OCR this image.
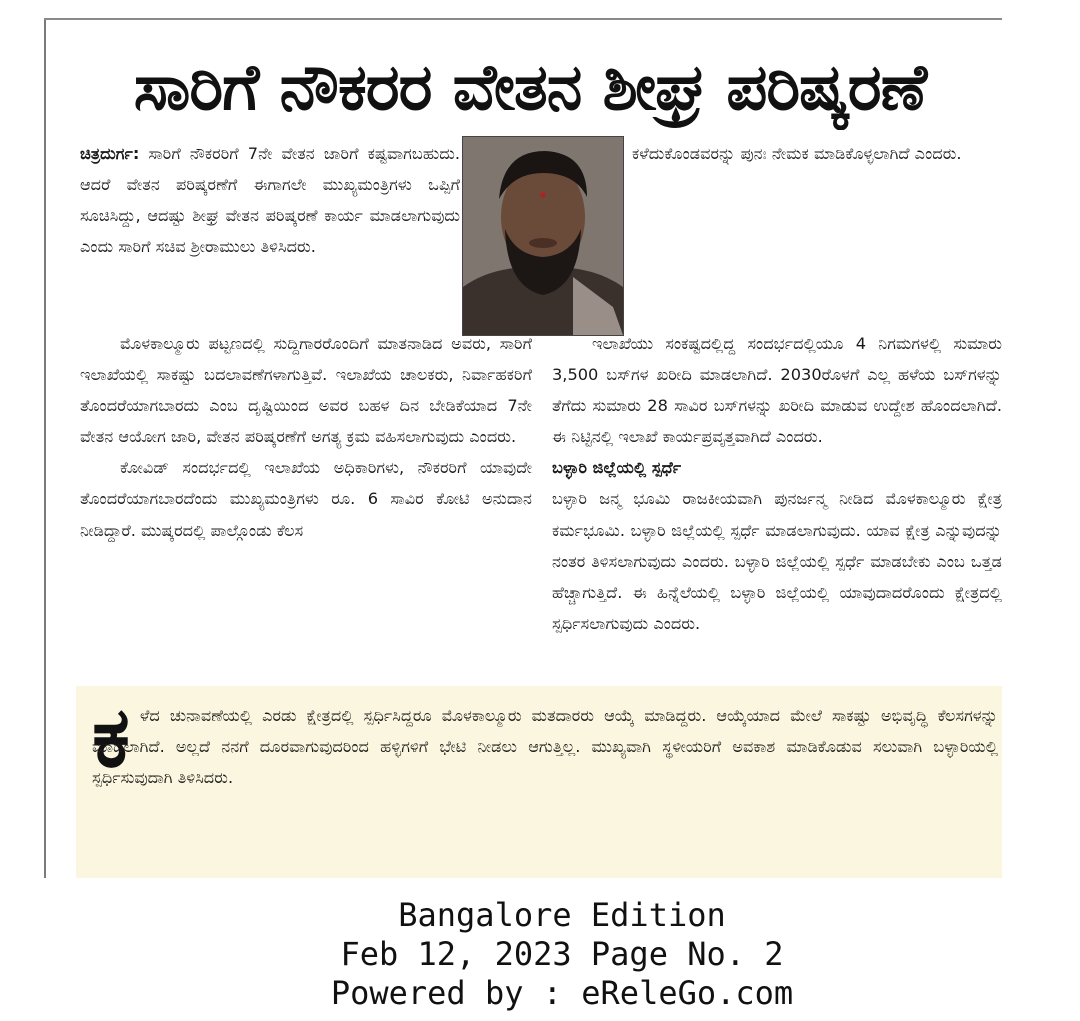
ಸಾರಿಗೆ ನೌಕರರ ವೇತನ ಶೀಘ್ರ ಪರಿಷ್ಕರಣೆ

ಚಿತ್ರದುರ್ಗ: ಸಾರಿಗೆ ನೌಕರರಿಗೆ 7ನೇ ವೇತನ ಜಾರಿಗೆ ಕಷ್ಟವಾಗಬಹುದು. ಆದರೆ ವೇತನ ಪರಿಷ್ಕರಣೆಗೆ ಈಗಾಗಲೇ ಮುಖ್ಯಮಂತ್ರಿಗಳು ಒಪ್ಪಿಗೆ ಸೂಚಿಸಿದ್ದು, ಆದಷ್ಟು ಶೀಘ್ರ ವೇತನ ಪರಿಷ್ಕರಣೆ ಕಾರ್ಯ ಮಾಡಲಾಗುವುದು ಎಂದು ಸಾರಿಗೆ ಸಚಿವ ಶ್ರೀರಾಮುಲು ತಿಳಿಸಿದರು.

ಮೊಳಕಾಲ್ಮೂರು ಪಟ್ಟಣದಲ್ಲಿ ಸುದ್ದಿಗಾರರೊಂದಿಗೆ ಮಾತನಾಡಿದ ಅವರು, ಸಾರಿಗೆ ಇಲಾಖೆಯಲ್ಲಿ ಸಾಕಷ್ಟು ಬದಲಾವಣೆಗಳಾಗುತ್ತಿವೆ. ಇಲಾಖೆಯ ಚಾಲಕರು, ನಿರ್ವಾಹಕರಿಗೆ ತೊಂದರೆಯಾಗಬಾರದು ಎಂಬ ದೃಷ್ಟಿಯಿಂದ ಅವರ ಬಹಳ ದಿನ ಬೇಡಿಕೆಯಾದ 7ನೇ ವೇತನ ಆಯೋಗ ಜಾರಿ, ವೇತನ ಪರಿಷ್ಕರಣೆಗೆ ಅಗತ್ಯ ಕ್ರಮ ವಹಿಸಲಾಗುವುದು ಎಂದರು.

ಕೋವಿಡ್ ಸಂದರ್ಭದಲ್ಲಿ ಇಲಾಖೆಯ ಅಧಿಕಾರಿಗಳು, ನೌಕರರಿಗೆ ಯಾವುದೇ ತೊಂದರೆಯಾಗಬಾರದೆಂದು ಮುಖ್ಯಮಂತ್ರಿಗಳು ರೂ. 6 ಸಾವಿರ ಕೋಟಿ ಅನುದಾನ ನೀಡಿದ್ದಾರೆ. ಮುಷ್ಕರದಲ್ಲಿ ಪಾಲ್ಗೊಂಡು ಕೆಲಸ

ಕಳೆದುಕೊಂಡವರನ್ನು ಪುನಃ ನೇಮಕ ಮಾಡಿಕೊಳ್ಳಲಾಗಿದೆ ಎಂದರು.

ಇಲಾಖೆಯು ಸಂಕಷ್ಟದಲ್ಲಿದ್ದ ಸಂದರ್ಭದಲ್ಲಿಯೂ 4 ನಿಗಮಗಳಲ್ಲಿ ಸುಮಾರು 3,500 ಬಸ್‌ಗಳ ಖರೀದಿ ಮಾಡಲಾಗಿದೆ. 2030ರೊಳಗೆ ಎಲ್ಲ ಹಳೆಯ ಬಸ್‌ಗಳನ್ನು ತೆಗೆದು ಸುಮಾರು 28 ಸಾವಿರ ಬಸ್‌ಗಳನ್ನು ಖರೀದಿ ಮಾಡುವ ಉದ್ದೇಶ ಹೊಂದಲಾಗಿದೆ. ಈ ನಿಟ್ಟಿನಲ್ಲಿ ಇಲಾಖೆ ಕಾರ್ಯಪ್ರವೃತ್ತವಾಗಿದೆ ಎಂದರು.

ಬಳ್ಳಾರಿ ಜಿಲ್ಲೆಯಲ್ಲಿ ಸ್ಪರ್ಧೆ

ಬಳ್ಳಾರಿ ಜನ್ಮ ಭೂಮಿ ರಾಜಕೀಯವಾಗಿ ಪುನರ್ಜನ್ಮ ನೀಡಿದ ಮೊಳಕಾಲ್ಮೂರು ಕ್ಷೇತ್ರ ಕರ್ಮಭೂಮಿ. ಬಳ್ಳಾರಿ ಜಿಲ್ಲೆಯಲ್ಲಿ ಸ್ಪರ್ಧೆ ಮಾಡಲಾಗುವುದು. ಯಾವ ಕ್ಷೇತ್ರ ಎನ್ನುವುದನ್ನು ನಂತರ ತಿಳಿಸಲಾಗುವುದು ಎಂದರು. ಬಳ್ಳಾರಿ ಜಿಲ್ಲೆಯಲ್ಲಿ ಸ್ಪರ್ಧೆ ಮಾಡಬೇಕು ಎಂಬ ಒತ್ತಡ ಹೆಚ್ಚಾಗುತ್ತಿದೆ. ಈ ಹಿನ್ನೆಲೆಯಲ್ಲಿ ಬಳ್ಳಾರಿ ಜಿಲ್ಲೆಯಲ್ಲಿ ಯಾವುದಾದರೊಂದು ಕ್ಷೇತ್ರದಲ್ಲಿ ಸ್ಪರ್ಧಿಸಲಾಗುವುದು ಎಂದರು.

ಕ ಳೆದ ಚುನಾವಣೆಯಲ್ಲಿ ಎರಡು ಕ್ಷೇತ್ರದಲ್ಲಿ ಸ್ಪರ್ಧಿಸಿದ್ದರೂ ಮೊಳಕಾಲ್ಮೂರು ಮತದಾರರು ಆಯ್ಕೆ ಮಾಡಿದ್ದರು. ಆಯ್ಕೆಯಾದ ಮೇಲೆ ಸಾಕಷ್ಟು ಅಭಿವೃದ್ಧಿ ಕೆಲಸಗಳನ್ನು ಮಾಡಲಾಗಿದೆ. ಅಲ್ಲದೆ ನನಗೆ ದೂರವಾಗುವುದರಿಂದ ಹಳ್ಳಿಗಳಿಗೆ ಭೇಟಿ ನೀಡಲು ಆಗುತ್ತಿಲ್ಲ. ಮುಖ್ಯವಾಗಿ ಸ್ಥಳೀಯರಿಗೆ ಅವಕಾಶ ಮಾಡಿಕೊಡುವ ಸಲುವಾಗಿ ಬಳ್ಳಾರಿಯಲ್ಲಿ ಸ್ಪರ್ಧಿಸುವುದಾಗಿ ತಿಳಿಸಿದರು.

Bangalore Edition
Feb 12, 2023 Page No. 2
Powered by : eReleGo.com
